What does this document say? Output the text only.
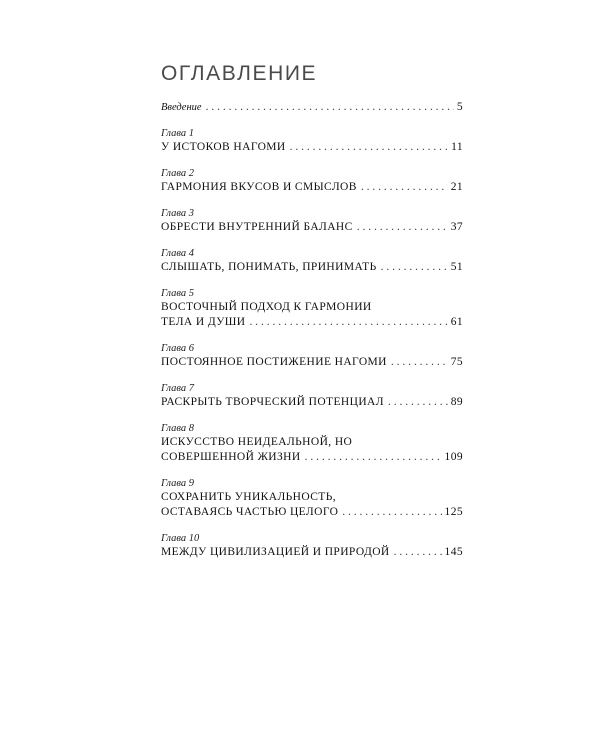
ОГЛАВЛЕНИЕ
Введение . . .	5
Глава 1
У ИСТОКОВ НАГОМИ . . .	11
Глава 2
ГАРМОНИЯ ВКУСОВ И СМЫСЛОВ . . .	21
Глава 3
ОБРЕСТИ ВНУТРЕННИЙ БАЛАНС . . .	37
Глава 4
СЛЫШАТЬ, ПОНИМАТЬ, ПРИНИМАТЬ . . .	51
Глава 5
ВОСТОЧНЫЙ ПОДХОД К ГАРМОНИИ
ТЕЛА И ДУШИ . . .	61
Глава 6
ПОСТОЯННОЕ ПОСТИЖЕНИЕ НАГОМИ . . .	75
Глава 7
РАСКРЫТЬ ТВОРЧЕСКИЙ ПОТЕНЦИАЛ . . .	89
Глава 8
ИСКУССТВО НЕИДЕАЛЬНОЙ, НО
СОВЕРШЕННОЙ ЖИЗНИ . . .	109
Глава 9
СОХРАНИТЬ УНИКАЛЬНОСТЬ,
ОСТАВАЯСЬ ЧАСТЬЮ ЦЕЛОГО . . .	125
Глава 10
МЕЖДУ ЦИВИЛИЗАЦИЕЙ И ПРИРОДОЙ . . .	145
